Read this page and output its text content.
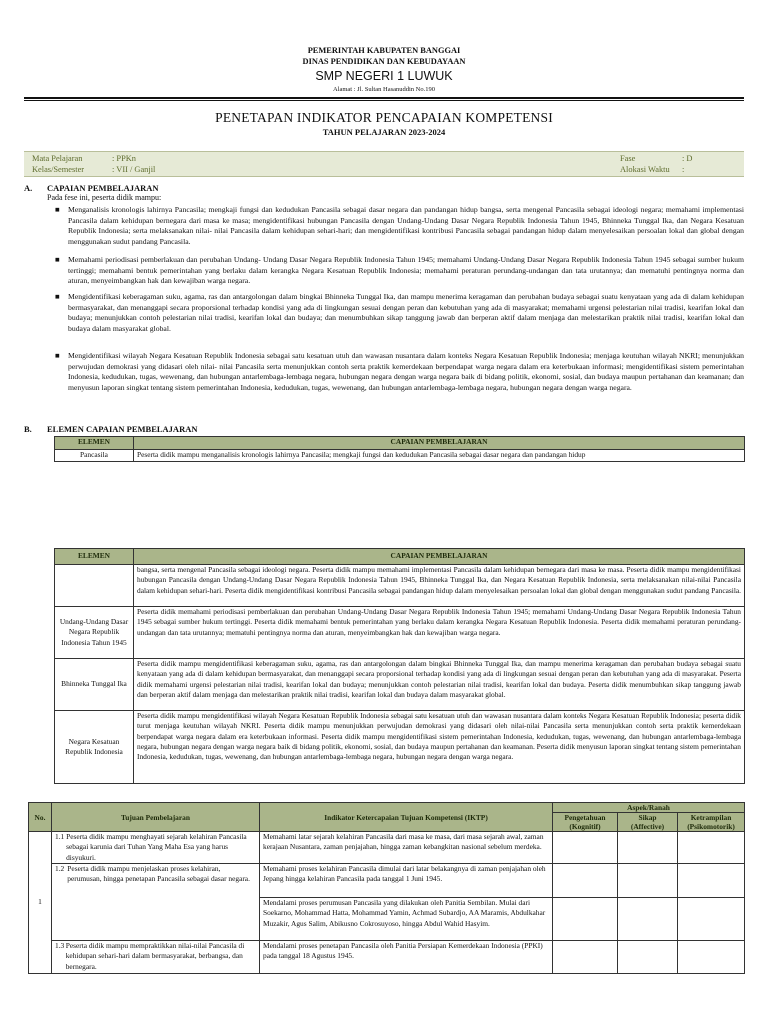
PEMERINTAH KABUPATEN BANGGAI
DINAS PENDIDIKAN DAN KEBUDAYAAN
SMP NEGERI 1 LUWUK
Alamat : Jl. Sultan Hasanuddin No.190
PENETAPAN INDIKATOR PENCAPAIAN KOMPETENSI
TAHUN PELAJARAN 2023-2024
Mata Pelajaran	: PPKn
Kelas/Semester	: VII / Ganjil
Fase	: D
Alokasi Waktu :
A. CAPAIAN PEMBELAJARAN
Pada fese ini, peserta didik mampu:
■ Menganalisis kronologis lahirnya Pancasila; mengkaji fungsi dan kedudukan Pancasila sebagai dasar negara dan pandangan hidup bangsa, serta mengenal Pancasila sebagai ideologi negara; memahami implementasi Pancasila dalam kehidupan bernegara dari masa ke masa; mengidentifikasi hubungan Pancasila dengan Undang-Undang Dasar Negara Republik Indonesia Tahun 1945, Bhinneka Tunggal Ika, dan Negara Kesatuan Republik Indonesia; serta melaksanakan nilai- nilai Pancasila dalam kehidupan sehari-hari; dan mengidentifikasi kontribusi Pancasila sebagai pandangan hidup dalam menyelesaikan persoalan lokal dan global dengan menggunakan sudut pandang Pancasila.
■ Memahami periodisasi pemberlakuan dan perubahan Undang- Undang Dasar Negara Republik Indonesia Tahun 1945; memahami Undang-Undang Dasar Negara Republik Indonesia Tahun 1945 sebagai sumber hukum tertinggi; memahami bentuk pemerintahan yang berlaku dalam kerangka Negara Kesatuan Republik Indonesia; memahami peraturan perundang-undangan dan tata urutannya; dan mematuhi pentingnya norma dan aturan, menyeimbangkan hak dan kewajiban warga negara.
■ Mengidentifikasi keberagaman suku, agama, ras dan antargolongan dalam bingkai Bhinneka Tunggal Ika, dan mampu menerima keragaman dan perubahan budaya sebagai suatu kenyataan yang ada di dalam kehidupan bermasyarakat, dan menanggapi secara proporsional terhadap kondisi yang ada di lingkungan sesuai dengan peran dan kebutuhan yang ada di masyarakat; memahami urgensi pelestarian nilai tradisi, kearifan lokal dan budaya; menunjukkan contoh pelestarian nilai tradisi, kearifan lokal dan budaya; dan menumbuhkan sikap tanggung jawab dan berperan aktif dalam menjaga dan melestarikan praktik nilai tradisi, kearifan lokal dan budaya dalam masyarakat global.
■ Mengidentifikasi wilayah Negara Kesatuan Republik Indonesia sebagai satu kesatuan utuh dan wawasan nusantara dalam konteks Negara Kesatuan Republik Indonesia; menjaga keutuhan wilayah NKRI; menunjukkan perwujudan demokrasi yang didasari oleh nilai- nilai Pancasila serta menunjukkan contoh serta praktik kemerdekaan berpendapat warga negara dalam era keterbukaan informasi; mengidentifikasi sistem pemerintahan Indonesia, kedudukan, tugas, wewenang, dan hubungan antarlembaga-lembaga negara, hubungan negara dengan warga negara baik di bidang politik, ekonomi, sosial, dan budaya maupun pertahanan dan keamanan; dan menyusun laporan singkat tentang sistem pemerintahan Indonesia, kedudukan, tugas, wewenang, dan hubungan antarlembaga-lembaga negara, hubungan negara dengan warga negara.
B. ELEMEN CAPAIAN PEMBELAJARAN
ELEMEN	CAPAIAN PEMBELAJARAN
Pancasila	Peserta didik mampu menganalisis kronologis lahirnya Pancasila; mengkaji fungsi dan kedudukan Pancasila sebagai dasar negara dan pandangan hidup
ELEMEN	CAPAIAN PEMBELAJARAN
	bangsa, serta mengenal Pancasila sebagai ideologi negara. Peserta didik mampu memahami implementasi Pancasila dalam kehidupan bernegara dari masa ke masa. Peserta didik mampu mengidentifikasi hubungan Pancasila dengan Undang-Undang Dasar Negara Republik Indonesia Tahun 1945, Bhinneka Tunggal Ika, dan Negara Kesatuan Republik Indonesia, serta melaksanakan nilai-nilai Pancasila dalam kehidupan sehari-hari. Peserta didik mengidentifikasi kontribusi Pancasila sebagai pandangan hidup dalam menyelesaikan persoalan lokal dan global dengan menggunakan sudut pandang Pancasila.
Undang-Undang Dasar Negara Republik Indonesia Tahun 1945	Peserta didik memahami periodisasi pemberlakuan dan perubahan Undang-Undang Dasar Negara Republik Indonesia Tahun 1945; memahami Undang-Undang Dasar Negara Republik Indonesia Tahun 1945 sebagai sumber hukum tertinggi. Peserta didik memahami bentuk pemerintahan yang berlaku dalam kerangka Negara Kesatuan Republik Indonesia. Peserta didik memahami peraturan perundang- undangan dan tata urutannya; mematuhi pentingnya norma dan aturan, menyeimbangkan hak dan kewajiban warga negara.
Bhinneka Tunggal Ika	Peserta didik mampu mengidentifikasi keberagaman suku, agama, ras dan antargolongan dalam bingkai Bhinneka Tunggal Ika, dan mampu menerima keragaman dan perubahan budaya sebagai suatu kenyataan yang ada di dalam kehidupan bermasyarakat, dan menanggapi secara proporsional terhadap kondisi yang ada di lingkungan sesuai dengan peran dan kebutuhan yang ada di masyarakat. Peserta didik memahami urgensi pelestarian nilai tradisi, kearifan lokal dan budaya; menunjukkan contoh pelestarian nilai tradisi, kearifan lokal dan budaya. Peserta didik menumbuhkan sikap tanggung jawab dan berperan aktif dalam menjaga dan melestarikan praktik nilai tradisi, kearifan lokal dan budaya dalam masyarakat global.
Negara Kesatuan Republik Indonesia	Peserta didik mampu mengidentifikasi wilayah Negara Kesatuan Republik Indonesia sebagai satu kesatuan utuh dan wawasan nusantara dalam konteks Negara Kesatuan Republik Indonesia; peserta didik turut menjaga keutuhan wilayah NKRI. Peserta didik mampu menunjukkan perwujudan demokrasi yang didasari oleh nilai-nilai Pancasila serta menunjukkan contoh serta praktik kemerdekaan berpendapat warga negara dalam era keterbukaan informasi. Peserta didik mampu mengidentifikasi sistem pemerintahan Indonesia, kedudukan, tugas, wewenang, dan hubungan antarlembaga-lembaga negara, hubungan negara dengan warga negara baik di bidang politik, ekonomi, sosial, dan budaya maupun pertahanan dan keamanan. Peserta didik menyusun laporan singkat tentang sistem pemerintahan Indonesia, kedudukan, tugas, wewenang, dan hubungan antarlembaga-lembaga negara, hubungan negara dengan warga negara.
No.	Tujuan Pembelajaran	Indikator Ketercapaian Tujuan Kompetensi (IKTP)	Aspek/Ranah		
			Pengetahuan (Kognitif)	Sikap (Affective)	Ketrampilan (Psikomotorik)
1	1.1 Peserta didik mampu menghayati sejarah kelahiran Pancasila sebagai karunia dari Tuhan Yang Maha Esa yang harus disyukuri.	Memahami latar sejarah kelahiran Pancasila dari masa ke masa, dari masa sejarah awal, zaman kerajaan Nusantara, zaman penjajahan, hingga zaman kebangkitan nasional sebelum merdeka.			

	1.2 Peserta didik mampu menjelaskan proses kelahiran, perumusan, hingga penetapan Pancasila sebagai dasar negara.	Memahami proses kelahiran Pancasila dimulai dari latar belakangnya di zaman penjajahan oleh Jepang hingga kelahiran Pancasila pada tanggal 1 Juni 1945.			
		Mendalami proses perumusan Pancasila yang dilakukan oleh Panitia Sembilan. Mulai dari Soekarno, Mohammad Hatta, Mohammad Yamin, Achmad Subardjo, AA Maramis, Abdulkahar Muzakir, Agus Salim, Abikusno Cokrosuyoso, hingga Abdul Wahid Hasyim.			

	1.3 Peserta didik mampu mempraktikkan nilai-nilai Pancasila di kehidupan sehari-hari dalam bermasyarakat, berbangsa, dan bernegara.	Mendalami proses penetapan Pancasila oleh Panitia Persiapan Kemerdekaan Indonesia (PPKI) pada tanggal 18 Agustus 1945.			
